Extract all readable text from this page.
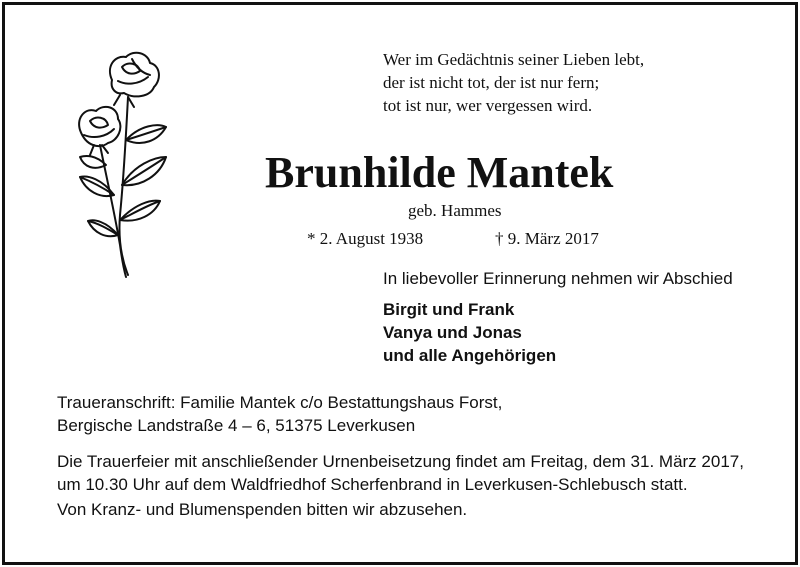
Wer im Gedächtnis seiner Lieben lebt,
der ist nicht tot, der ist nur fern;
tot ist nur, wer vergessen wird.
Brunhilde Mantek
geb. Hammes
* 2. August 1938	† 9. März 2017
In liebevoller Erinnerung nehmen wir Abschied
Birgit und Frank
Vanya und Jonas
und alle Angehörigen
Traueranschrift: Familie Mantek c/o Bestattungshaus Forst,
Bergische Landstraße 4 – 6, 51375 Leverkusen
Die Trauerfeier mit anschließender Urnenbeisetzung findet am Freitag, dem 31. März 2017,
um 10.30 Uhr auf dem Waldfriedhof Scherfenbrand in Leverkusen-Schlebusch statt.
Von Kranz- und Blumenspenden bitten wir abzusehen.
